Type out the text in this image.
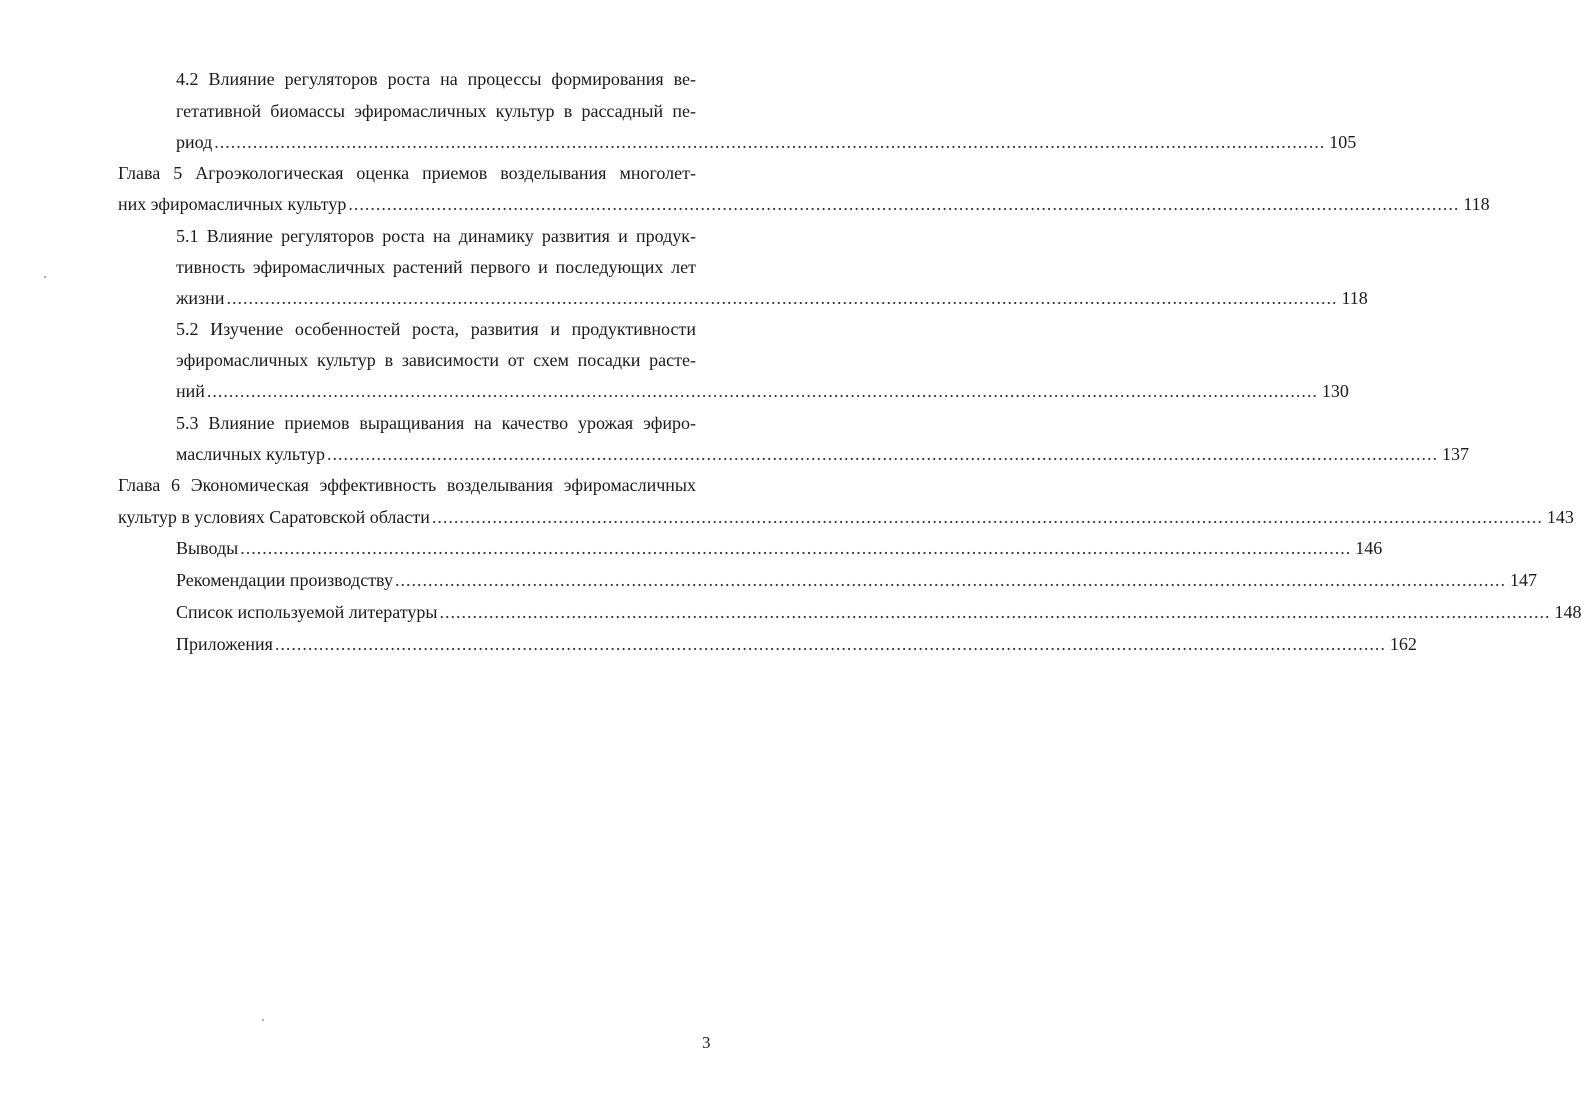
4.2 Влияние регуляторов роста на процессы формирования ве-
гетативной биомассы эфиромасличных культур в рассадный пе-
риод .......................................................................................................................................................................................................... 105
Глава 5 Агроэкологическая оценка приемов возделывания многолет-
них эфиромасличных культур .......................................................................................................................................................................................................... 118
5.1 Влияние регуляторов роста на динамику развития и продук-
тивность эфиромасличных растений первого и последующих лет
жизни .......................................................................................................................................................................................................... 118
5.2 Изучение особенностей роста, развития и продуктивности
эфиромасличных культур в зависимости от схем посадки расте-
ний .......................................................................................................................................................................................................... 130
5.3 Влияние приемов выращивания на качество урожая эфиро-
масличных культур .......................................................................................................................................................................................................... 137
Глава 6 Экономическая эффективность возделывания эфиромасличных
культур в условиях Саратовской области .......................................................................................................................................................................................................... 143
Выводы .......................................................................................................................................................................................................... 146
Рекомендации производству .......................................................................................................................................................................................................... 147
Список используемой литературы .......................................................................................................................................................................................................... 148
Приложения .......................................................................................................................................................................................................... 162
3
